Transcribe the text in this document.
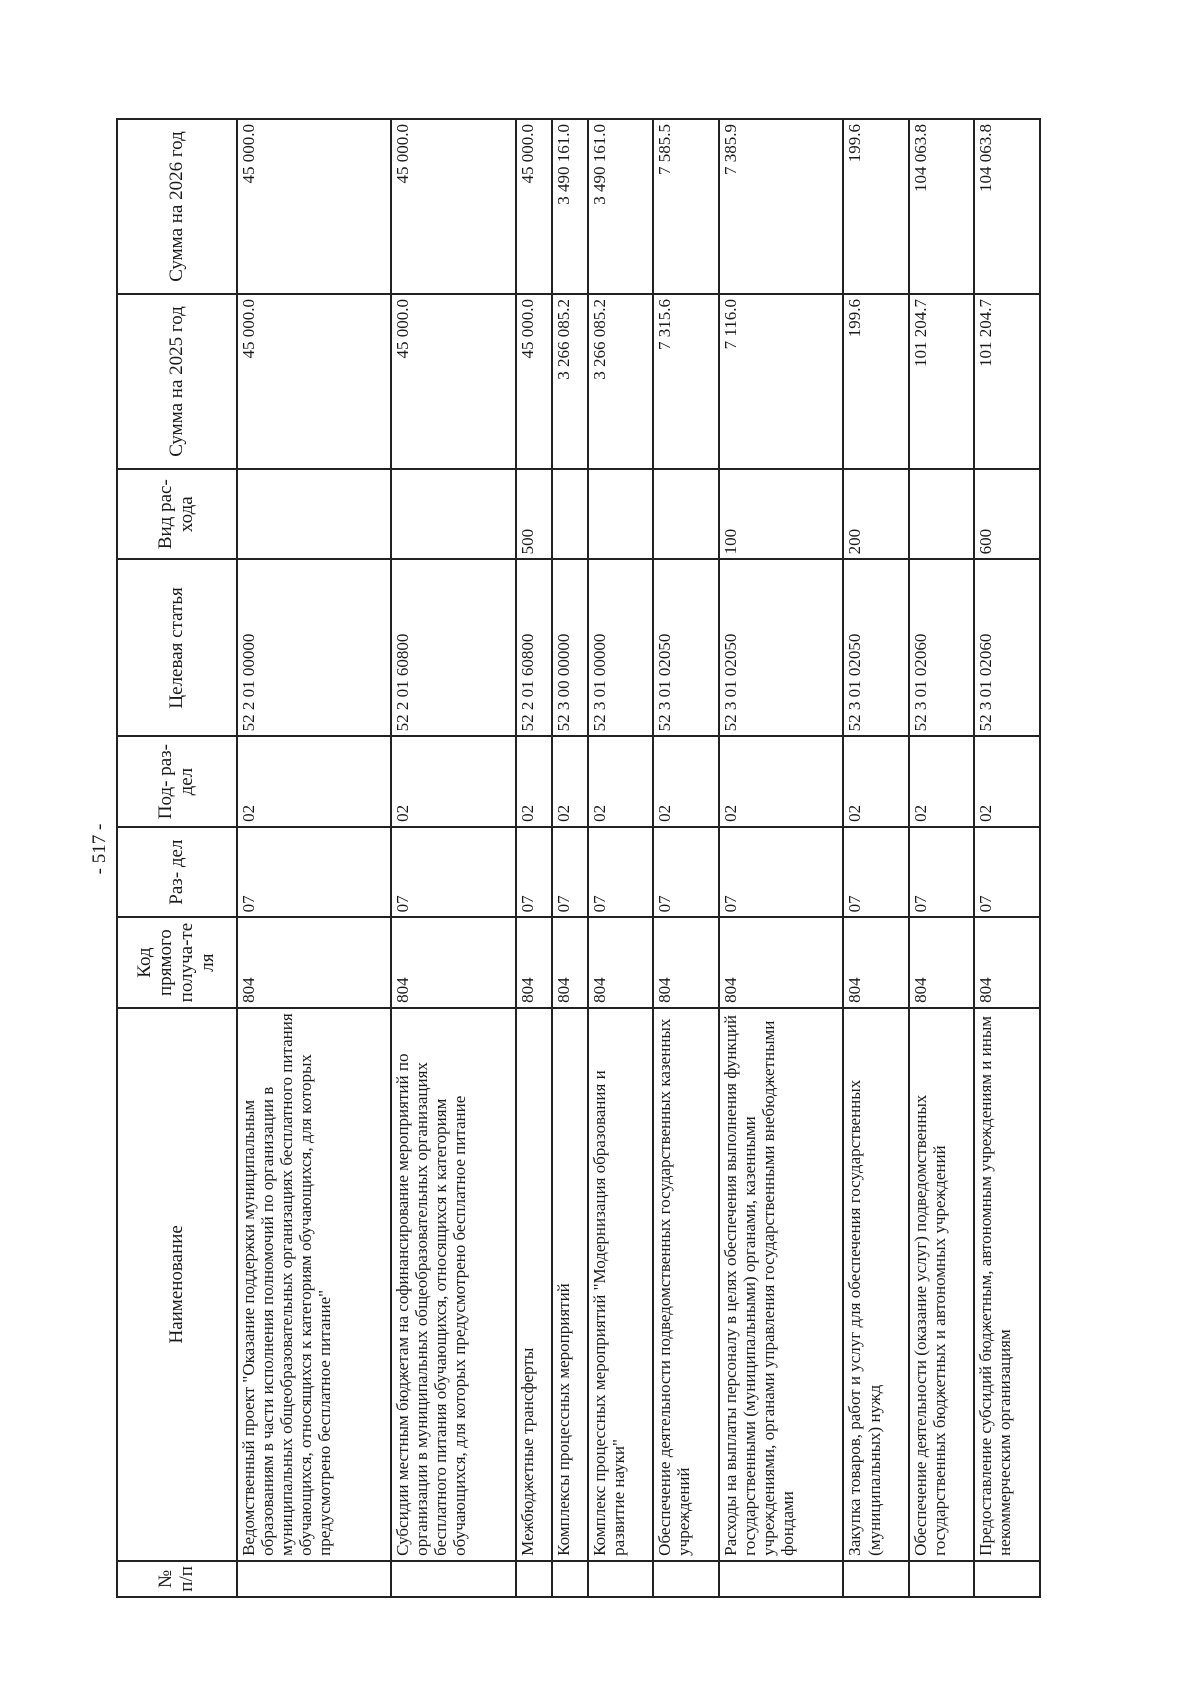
- 517 -
№ п/п	Наименование	Код прямого получа-те ля	Раз- дел	Под- раз- дел	Целевая статья	Вид рас- хода	Сумма на 2025 год	Сумма на 2026 год
	Ведомственный проект "Оказание поддержки муниципальным образованиям в части исполнения полномочий по организации в муниципальных общеобразовательных организациях бесплатного питания обучающихся, относящихся к категориям обучающихся, для которых предусмотрено бесплатное питание"	804	07	02	52 2 01 00000		45 000.0	45 000.0
	Субсидии местным бюджетам на софинансирование мероприятий по организации в муниципальных общеобразовательных организациях бесплатного питания обучающихся, относящихся к категориям обучающихся, для которых предусмотрено бесплатное питание	804	07	02	52 2 01 60800		45 000.0	45 000.0
	Межбюджетные трансферты	804	07	02	52 2 01 60800	500	45 000.0	45 000.0
	Комплексы процессных мероприятий	804	07	02	52 3 00 00000		3 266 085.2	3 490 161.0
	Комплекс процессных мероприятий "Модернизация образования и развитие науки"	804	07	02	52 3 01 00000		3 266 085.2	3 490 161.0
	Обеспечение деятельности подведомственных государственных казенных учреждений	804	07	02	52 3 01 02050		7 315.6	7 585.5
	Расходы на выплаты персоналу в целях обеспечения выполнения функций государственными (муниципальными) органами, казенными учреждениями, органами управления государственными внебюджетными фондами	804	07	02	52 3 01 02050	100	7 116.0	7 385.9
	Закупка товаров, работ и услуг для обеспечения государственных (муниципальных) нужд	804	07	02	52 3 01 02050	200	199.6	199.6
	Обеспечение деятельности (оказание услуг) подведомственных государственных бюджетных и автономных учреждений	804	07	02	52 3 01 02060		101 204.7	104 063.8
	Предоставление субсидий бюджетным, автономным учреждениям и иным некоммерческим организациям	804	07	02	52 3 01 02060	600	101 204.7	104 063.8
